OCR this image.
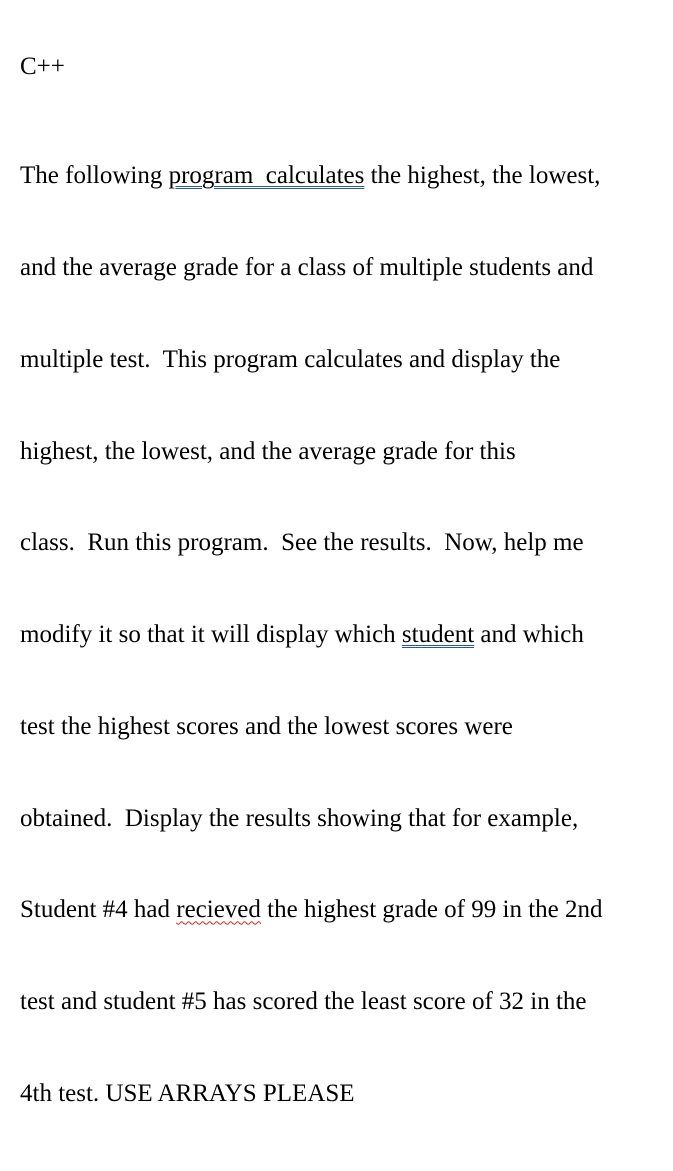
C++

The following program  calculates the highest, the lowest,

and the average grade for a class of multiple students and

multiple test.  This program calculates and display the

highest, the lowest, and the average grade for this

class.  Run this program.  See the results.  Now, help me

modify it so that it will display which student and which

test the highest scores and the lowest scores were

obtained.  Display the results showing that for example,

Student #4 had recieved the highest grade of 99 in the 2nd

test and student #5 has scored the least score of 32 in the

4th test. USE ARRAYS PLEASE
